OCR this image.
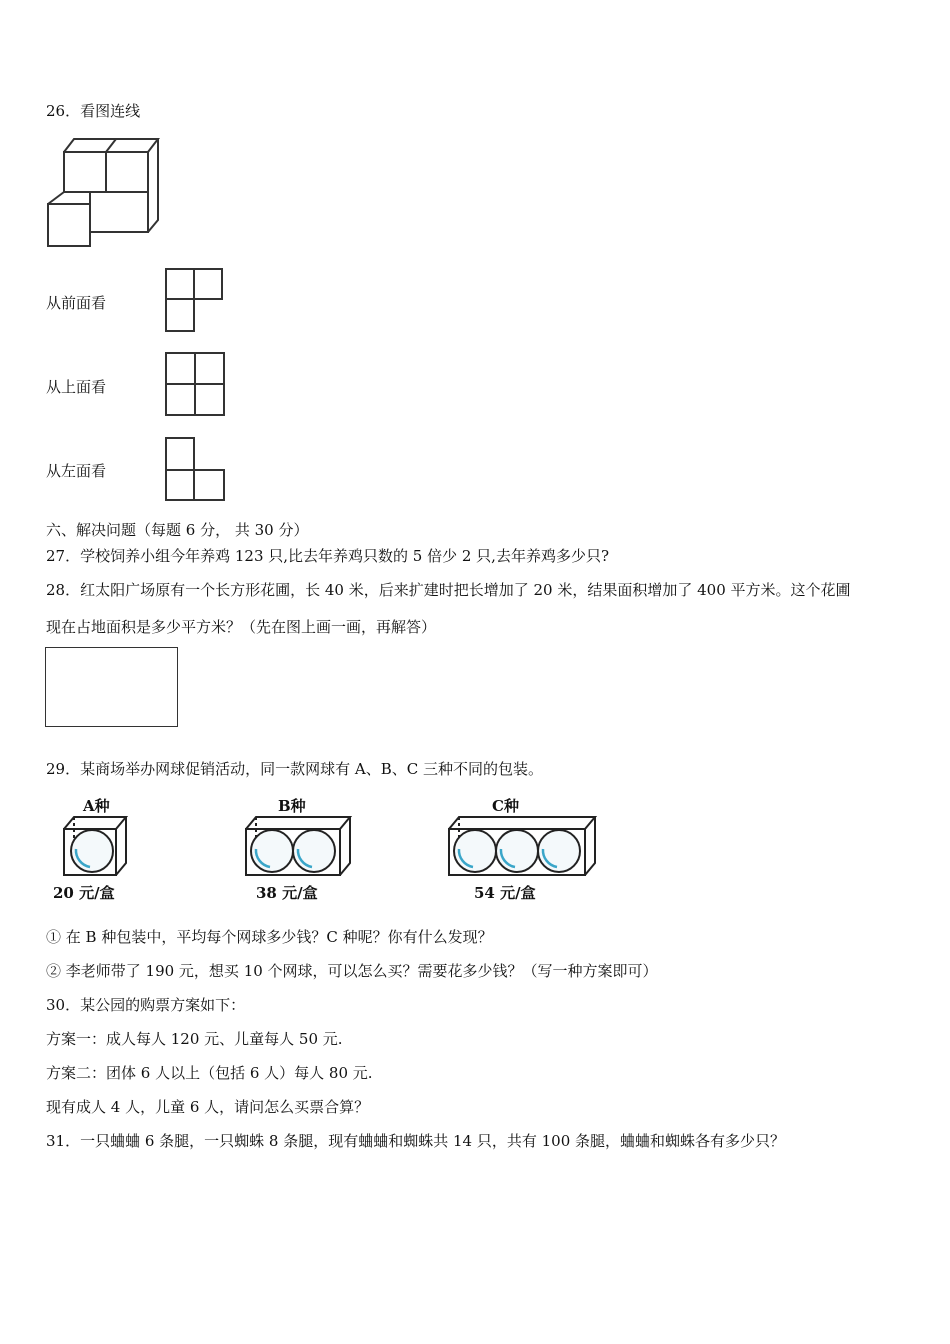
26．看图连线
从前面看
从上面看
从左面看
六、解决问题（每题 6 分， 共 30 分）
27．学校饲养小组今年养鸡 123 只,比去年养鸡只数的 5 倍少 2 只,去年养鸡多少只?
28．红太阳广场原有一个长方形花圃，长 40 米，后来扩建时把长增加了 20 米，结果面积增加了 400 平方米。这个花圃
现在占地面积是多少平方米？（先在图上画一画，再解答）
29．某商场举办网球促销活动，同一款网球有 A、B、C 三种不同的包装。
A种
20 元/盒
B种
38 元/盒
C种
54 元/盒
① 在 B 种包装中，平均每个网球多少钱？C 种呢？你有什么发现？
② 李老师带了 190 元，想买 10 个网球，可以怎么买？需要花多少钱？（写一种方案即可）
30．某公园的购票方案如下：
方案一：成人每人 120 元、儿童每人 50 元.
方案二：团体 6 人以上（包括 6 人）每人 80 元.
现有成人 4 人，儿童 6 人，请问怎么买票合算？
31．一只蛐蛐 6 条腿，一只蜘蛛 8 条腿，现有蛐蛐和蜘蛛共 14 只，共有 100 条腿，蛐蛐和蜘蛛各有多少只？
